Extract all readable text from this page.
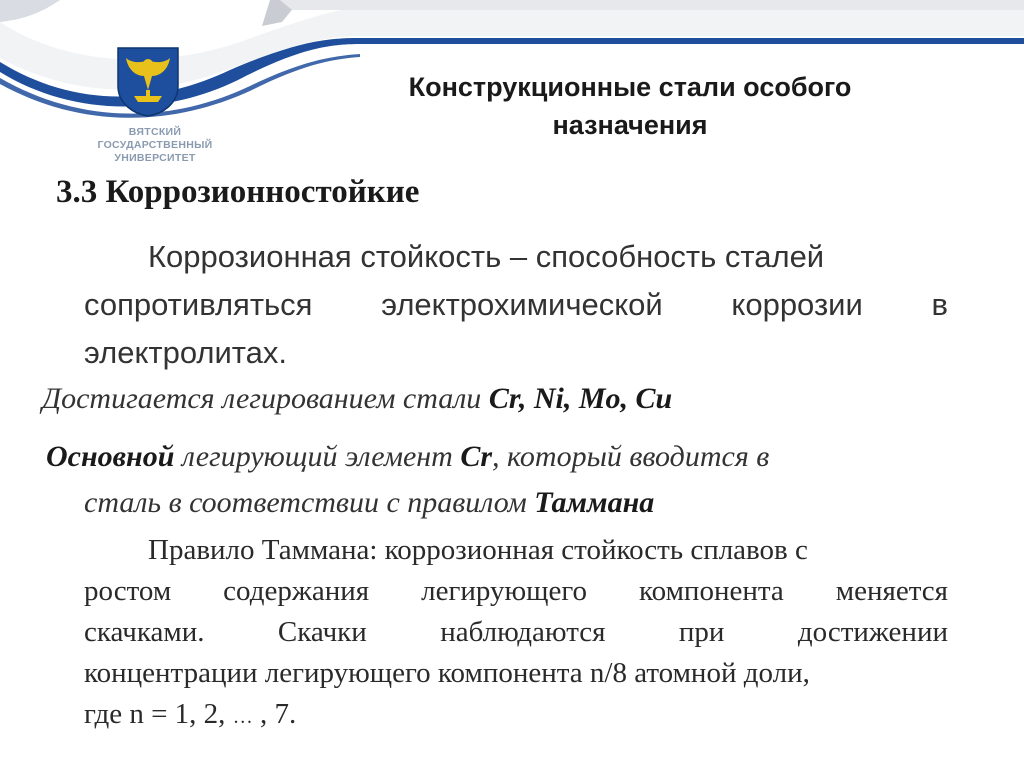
ВЯТСКИЙ
ГОСУДАРСТВЕННЫЙ
УНИВЕРСИТЕТ
Конструкционные стали особого
назначения
3.3 Коррозионностойкие
Коррозионная стойкость – способность сталей
сопротивляться электрохимической коррозии в
электролитах.
Достигается легированием стали Cr, Ni, Mo, Cu
Основной легирующий элемент Cr, который вводится в
сталь в соответствии с правилом Таммана
Правило Таммана: коррозионная стойкость сплавов с
ростом содержания легирующего компонента меняется
скачками.	Скачки	наблюдаются	при	достижении
концентрации легирующего компонента n/8 атомной доли,
где n = 1, 2, … , 7.
